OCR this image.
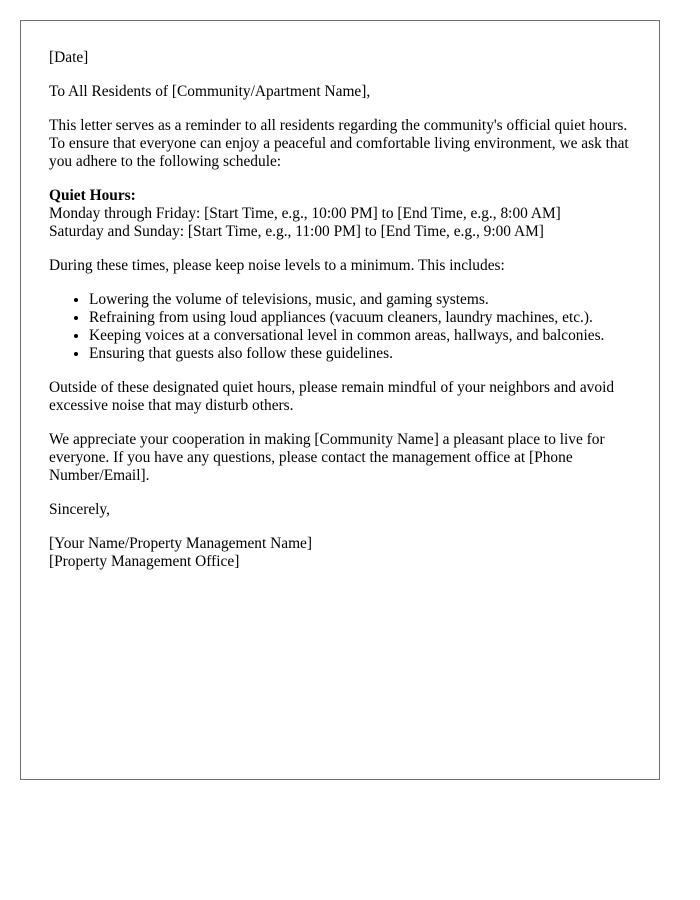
[Date]

To All Residents of [Community/Apartment Name],

This letter serves as a reminder to all residents regarding the community's official quiet hours. To ensure that everyone can enjoy a peaceful and comfortable living environment, we ask that you adhere to the following schedule:

Quiet Hours:
Monday through Friday: [Start Time, e.g., 10:00 PM] to [End Time, e.g., 8:00 AM]
Saturday and Sunday: [Start Time, e.g., 11:00 PM] to [End Time, e.g., 9:00 AM]

During these times, please keep noise levels to a minimum. This includes:

• Lowering the volume of televisions, music, and gaming systems.
• Refraining from using loud appliances (vacuum cleaners, laundry machines, etc.).
• Keeping voices at a conversational level in common areas, hallways, and balconies.
• Ensuring that guests also follow these guidelines.

Outside of these designated quiet hours, please remain mindful of your neighbors and avoid excessive noise that may disturb others.

We appreciate your cooperation in making [Community Name] a pleasant place to live for everyone. If you have any questions, please contact the management office at [Phone Number/Email].

Sincerely,

[Your Name/Property Management Name]
[Property Management Office]
